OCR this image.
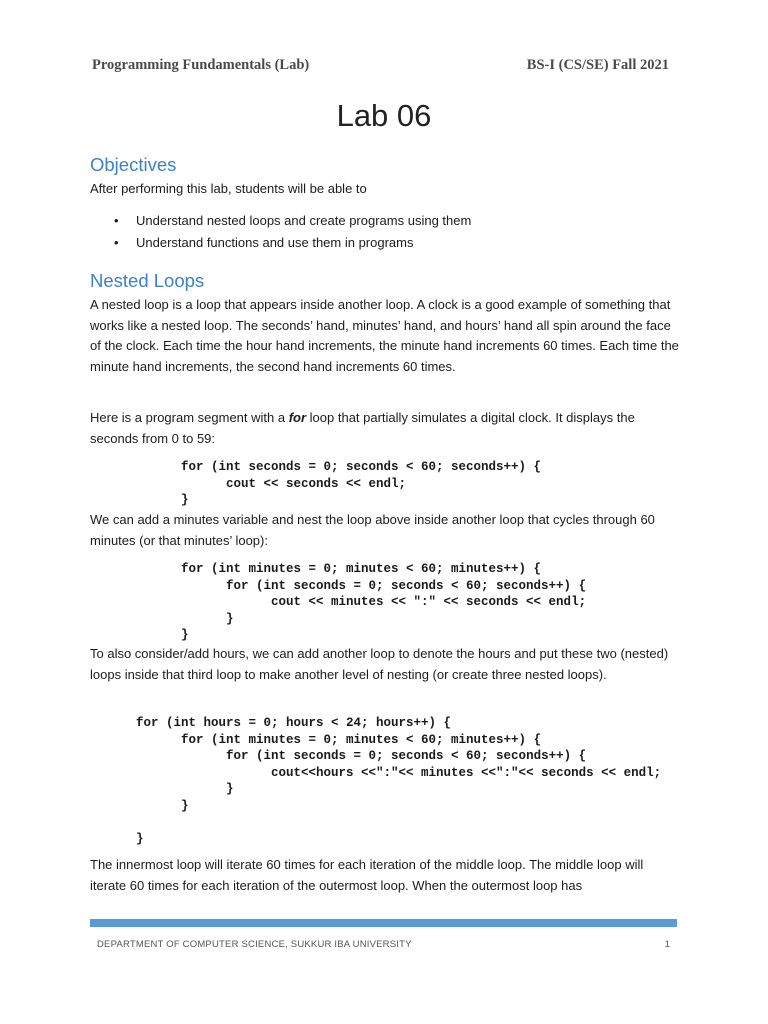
Programming Fundamentals (Lab)	BS-I (CS/SE) Fall 2021
Lab 06
Objectives
After performing this lab, students will be able to
• Understand nested loops and create programs using them
• Understand functions and use them in programs
Nested Loops
A nested loop is a loop that appears inside another loop. A clock is a good example of something that works like a nested loop. The seconds’ hand, minutes’ hand, and hours’ hand all spin around the face of the clock. Each time the hour hand increments, the minute hand increments 60 times. Each time the minute hand increments, the second hand increments 60 times.
Here is a program segment with a for loop that partially simulates a digital clock. It displays the seconds from 0 to 59:
for (int seconds = 0; seconds < 60; seconds++) {
cout << seconds << endl;
}
We can add a minutes variable and nest the loop above inside another loop that cycles through 60 minutes (or that minutes’ loop):
for (int minutes = 0; minutes < 60; minutes++) {
for (int seconds = 0; seconds < 60; seconds++) {
cout << minutes << ":" << seconds << endl;
}
}
To also consider/add hours, we can add another loop to denote the hours and put these two (nested) loops inside that third loop to make another level of nesting (or create three nested loops).
for (int hours = 0; hours < 24; hours++) {
for (int minutes = 0; minutes < 60; minutes++) {
for (int seconds = 0; seconds < 60; seconds++) {
cout<<hours <<":"<< minutes <<":"<< seconds << endl;
}
}

}
The innermost loop will iterate 60 times for each iteration of the middle loop. The middle loop will iterate 60 times for each iteration of the outermost loop. When the outermost loop has
DEPARTMENT OF COMPUTER SCIENCE, SUKKUR IBA UNIVERSITY	1
